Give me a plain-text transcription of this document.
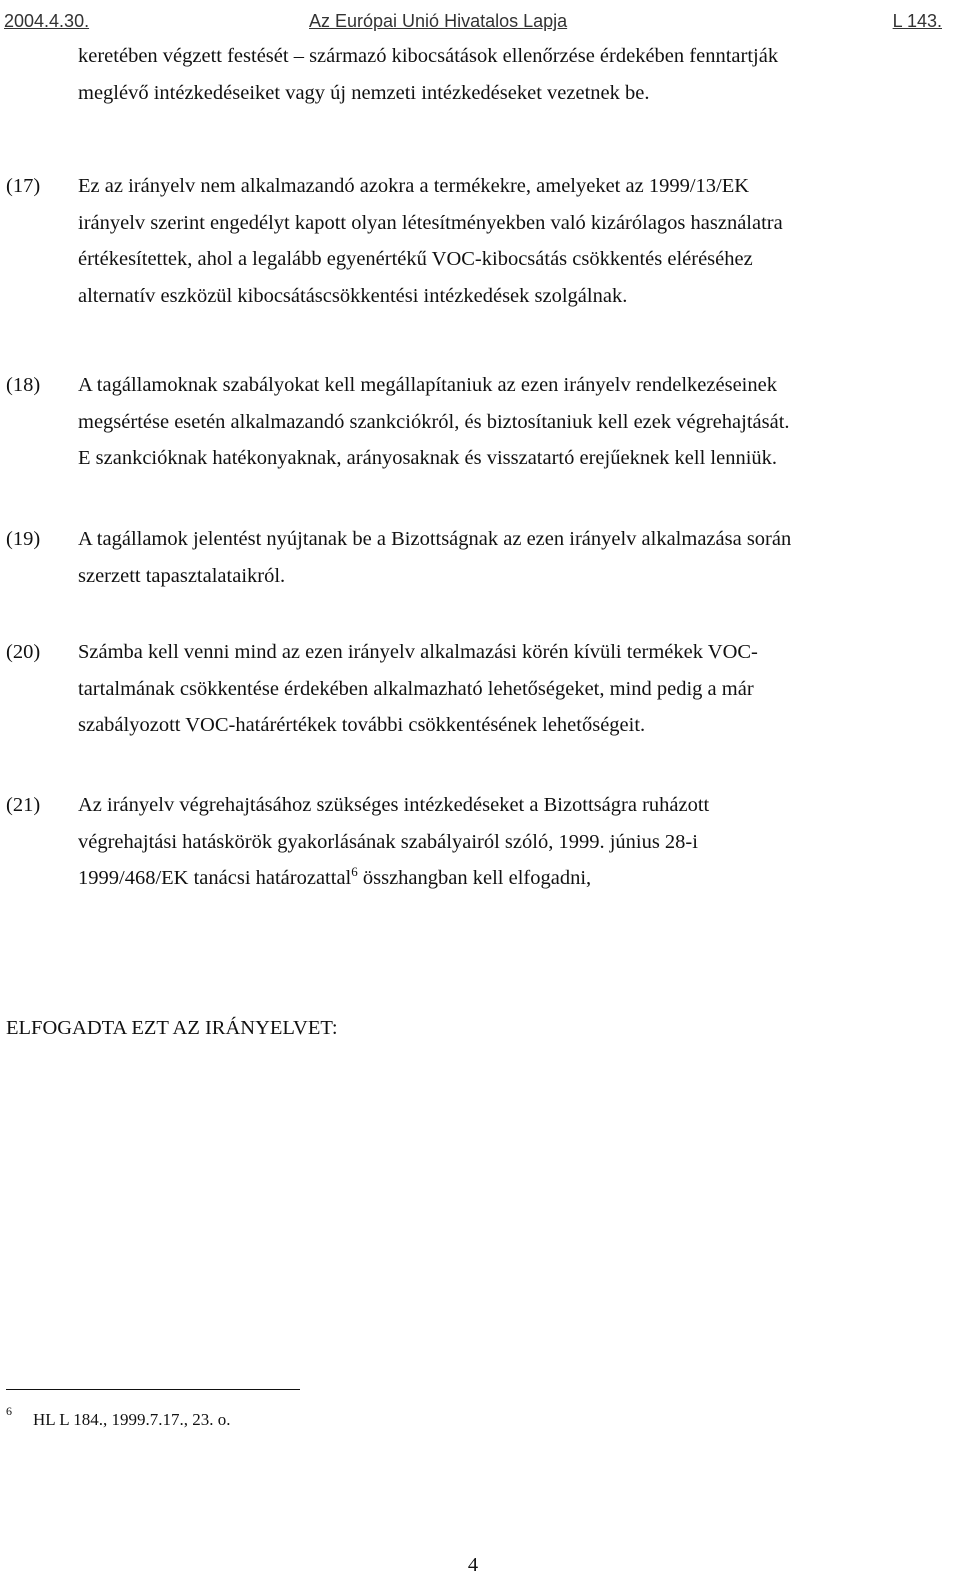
2004.4.30.	Az Európai Unió Hivatalos Lapja	L 143.
keretében végzett festését – származó kibocsátások ellenőrzése érdekében fenntartják
meglévő intézkedéseiket vagy új nemzeti intézkedéseket vezetnek be.
(17) Ez az irányelv nem alkalmazandó azokra a termékekre, amelyeket az 1999/13/EK
irányelv szerint engedélyt kapott olyan létesítményekben való kizárólagos használatra
értékesítettek, ahol a legalább egyenértékű VOC-kibocsátás csökkentés eléréséhez
alternatív eszközül kibocsátáscsökkentési intézkedések szolgálnak.
(18) A tagállamoknak szabályokat kell megállapítaniuk az ezen irányelv rendelkezéseinek
megsértése esetén alkalmazandó szankciókról, és biztosítaniuk kell ezek végrehajtását.
E szankcióknak hatékonyaknak, arányosaknak és visszatartó erejűeknek kell lenniük.
(19) A tagállamok jelentést nyújtanak be a Bizottságnak az ezen irányelv alkalmazása során
szerzett tapasztalataikról.
(20) Számba kell venni mind az ezen irányelv alkalmazási körén kívüli termékek VOC-
tartalmának csökkentése érdekében alkalmazható lehetőségeket, mind pedig a már
szabályozott VOC-határértékek további csökkentésének lehetőségeit.
(21) Az irányelv végrehajtásához szükséges intézkedéseket a Bizottságra ruházott
végrehajtási hatáskörök gyakorlásának szabályairól szóló, 1999. június 28-i
1999/468/EK tanácsi határozattal$^6$ összhangban kell elfogadni,
ELFOGADTA EZT AZ IRÁNYELVET:
6 HL L 184., 1999.7.17., 23. o.
4
